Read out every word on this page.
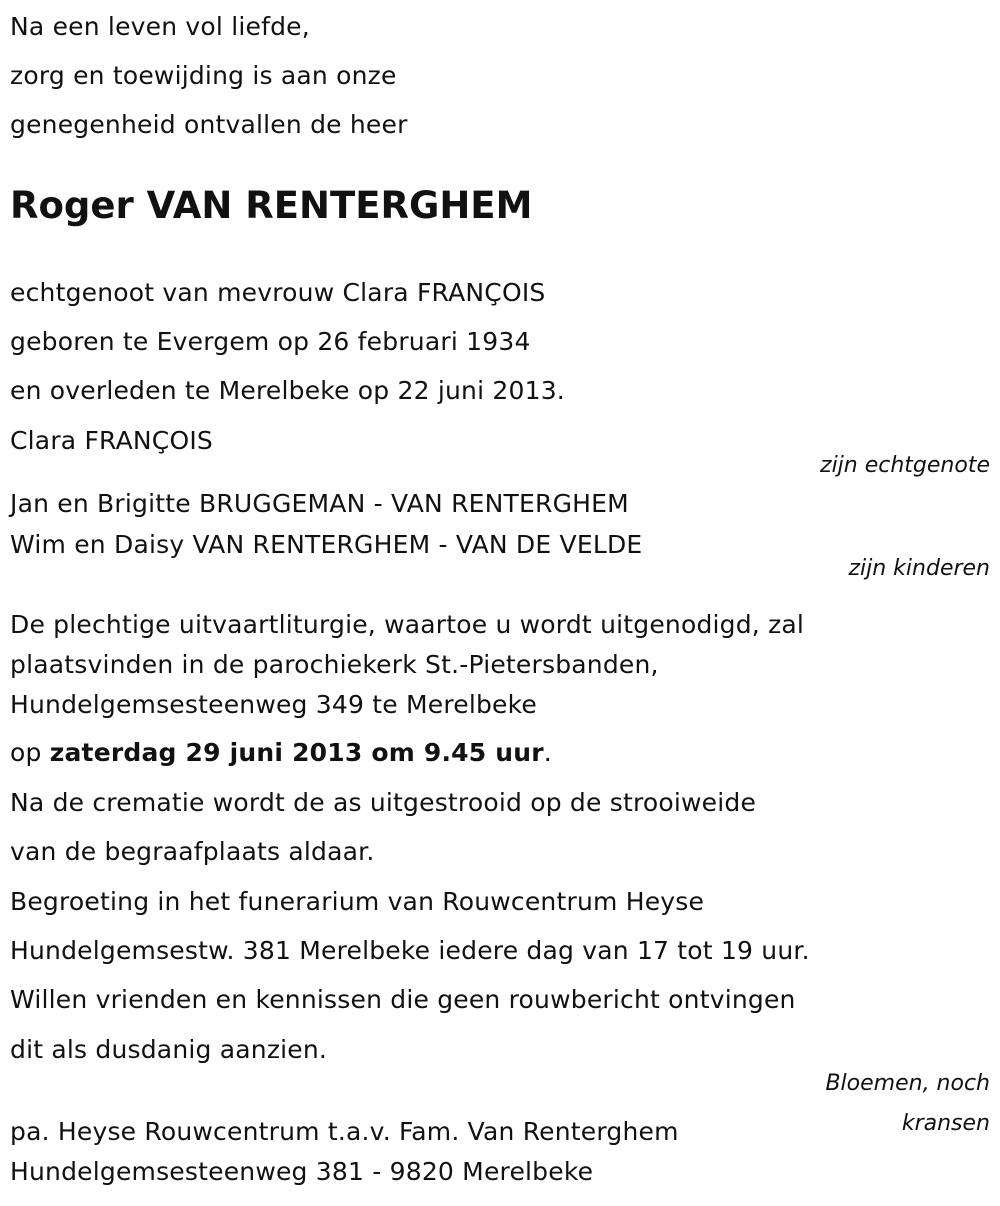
Na een leven vol liefde,
zorg en toewijding is aan onze
genegenheid ontvallen de heer
Roger VAN RENTERGHEM
echtgenoot van mevrouw Clara FRANÇOIS
geboren te Evergem op 26 februari 1934
en overleden te Merelbeke op 22 juni 2013.
Clara FRANÇOIS
zijn echtgenote
Jan en Brigitte BRUGGEMAN - VAN RENTERGHEM
Wim en Daisy VAN RENTERGHEM - VAN DE VELDE
zijn kinderen
De plechtige uitvaartliturgie, waartoe u wordt uitgenodigd, zal
plaatsvinden in de parochiekerk St.-Pietersbanden,
Hundelgemsesteenweg 349 te Merelbeke
op zaterdag 29 juni 2013 om 9.45 uur.
Na de crematie wordt de as uitgestrooid op de strooiweide
van de begraafplaats aldaar.
Begroeting in het funerarium van Rouwcentrum Heyse
Hundelgemsestw. 381 Merelbeke iedere dag van 17 tot 19 uur.
Willen vrienden en kennissen die geen rouwbericht ontvingen
dit als dusdanig aanzien.
Bloemen, noch
kransen
pa. Heyse Rouwcentrum t.a.v. Fam. Van Renterghem
Hundelgemsesteenweg 381 - 9820 Merelbeke
